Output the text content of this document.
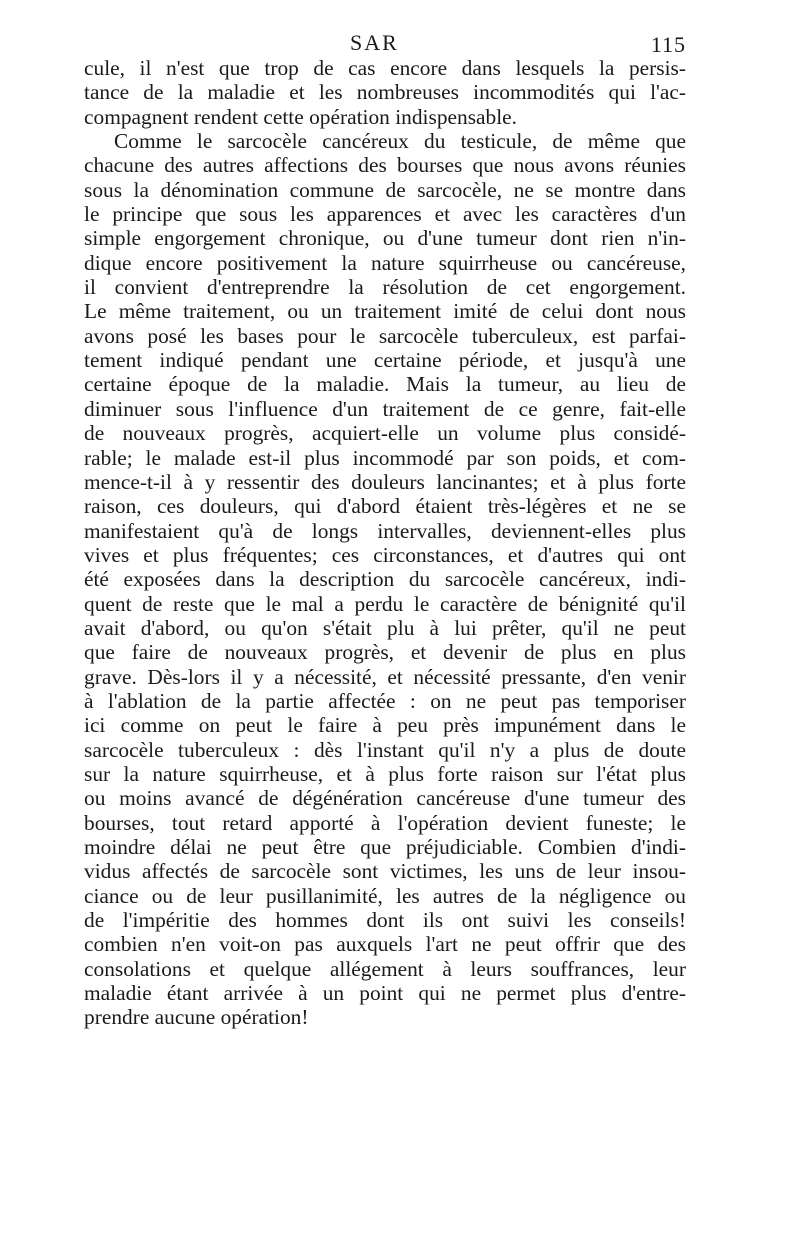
SAR	115
cule, il n'est que trop de cas encore dans lesquels la persis-
tance de la maladie et les nombreuses incommodités qui l'ac-
compagnent rendent cette opération indispensable.
Comme le sarcocèle cancéreux du testicule, de même que
chacune des autres affections des bourses que nous avons réunies
sous la dénomination commune de sarcocèle, ne se montre dans
le principe que sous les apparences et avec les caractères d'un
simple engorgement chronique, ou d'une tumeur dont rien n'in-
dique encore positivement la nature squirrheuse ou cancéreuse,
il convient d'entreprendre la résolution de cet engorgement.
Le même traitement, ou un traitement imité de celui dont nous
avons posé les bases pour le sarcocèle tuberculeux, est parfai-
tement indiqué pendant une certaine période, et jusqu'à une
certaine époque de la maladie. Mais la tumeur, au lieu de
diminuer sous l'influence d'un traitement de ce genre, fait-elle
de nouveaux progrès, acquiert-elle un volume plus considé-
rable; le malade est-il plus incommodé par son poids, et com-
mence-t-il à y ressentir des douleurs lancinantes; et à plus forte
raison, ces douleurs, qui d'abord étaient très-légères et ne se
manifestaient qu'à de longs intervalles, deviennent-elles plus
vives et plus fréquentes; ces circonstances, et d'autres qui ont
été exposées dans la description du sarcocèle cancéreux, indi-
quent de reste que le mal a perdu le caractère de bénignité qu'il
avait d'abord, ou qu'on s'était plu à lui prêter, qu'il ne peut
que faire de nouveaux progrès, et devenir de plus en plus
grave. Dès-lors il y a nécessité, et nécessité pressante, d'en venir
à l'ablation de la partie affectée : on ne peut pas temporiser
ici comme on peut le faire à peu près impunément dans le
sarcocèle tuberculeux : dès l'instant qu'il n'y a plus de doute
sur la nature squirrheuse, et à plus forte raison sur l'état plus
ou moins avancé de dégénération cancéreuse d'une tumeur des
bourses, tout retard apporté à l'opération devient funeste; le
moindre délai ne peut être que préjudiciable. Combien d'indi-
vidus affectés de sarcocèle sont victimes, les uns de leur insou-
ciance ou de leur pusillanimité, les autres de la négligence ou
de l'impéritie des hommes dont ils ont suivi les conseils!
combien n'en voit-on pas auxquels l'art ne peut offrir que des
consolations et quelque allégement à leurs souffrances, leur
maladie étant arrivée à un point qui ne permet plus d'entre-
prendre aucune opération!
